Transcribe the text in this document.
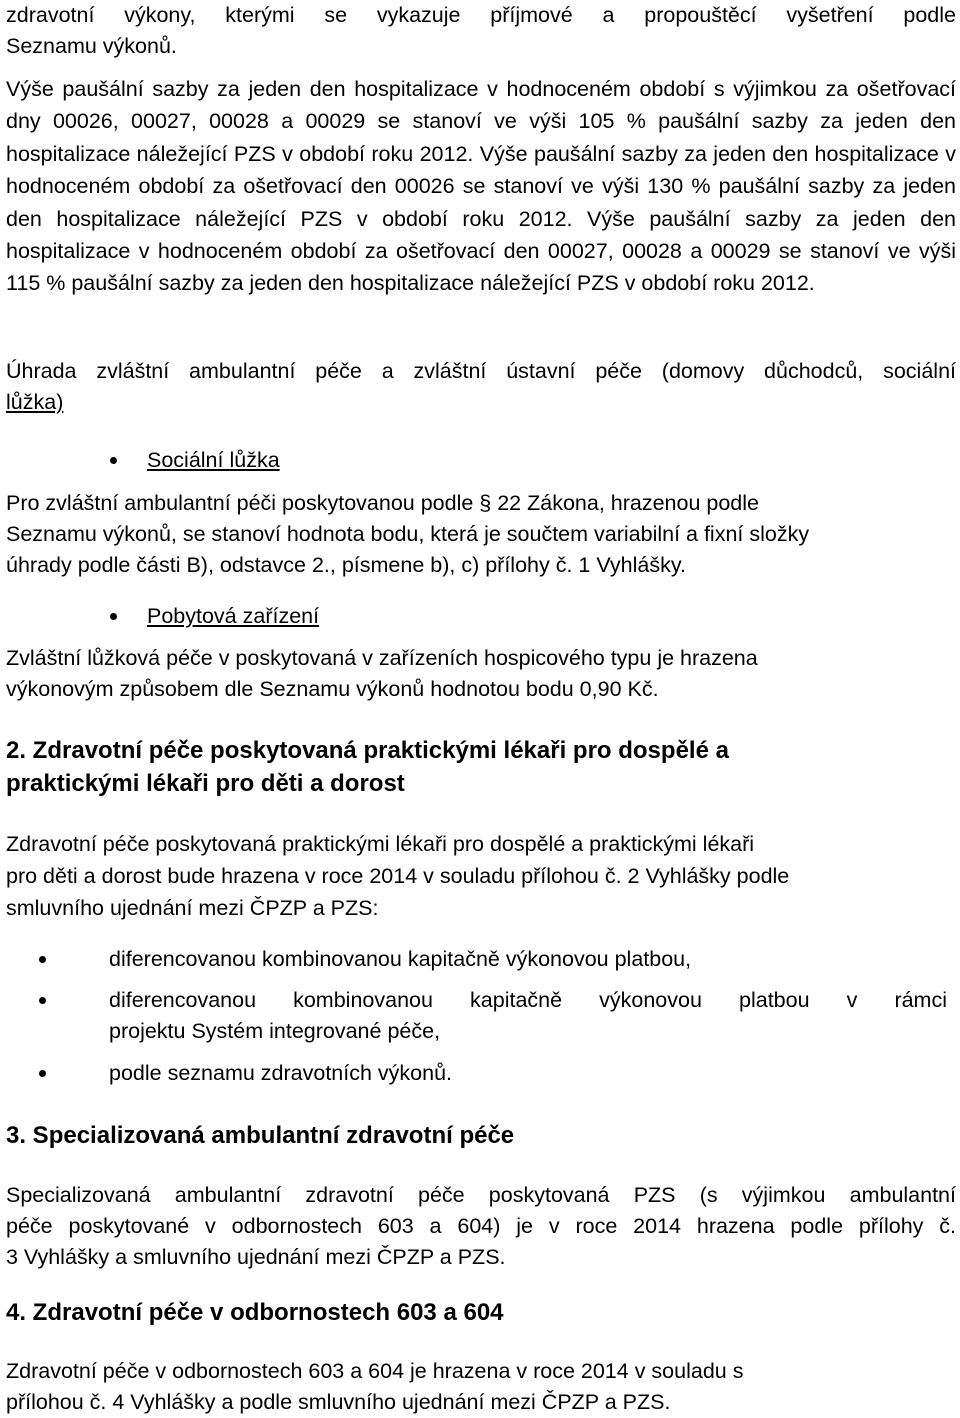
zdravotní výkony, kterými se vykazuje příjmové a propouštěcí vyšetření podle
Seznamu výkonů.
Výše paušální sazby za jeden den hospitalizace v hodnoceném období s výjimkou za ošetřovací dny 00026, 00027, 00028 a 00029 se stanoví ve výši 105 % paušální sazby za jeden den hospitalizace náležející PZS v období roku 2012. Výše paušální sazby za jeden den hospitalizace v hodnoceném období za ošetřovací den 00026 se stanoví ve výši 130 % paušální sazby za jeden den hospitalizace náležející PZS v období roku 2012. Výše paušální sazby za jeden den hospitalizace v hodnoceném období za ošetřovací den 00027, 00028 a 00029 se stanoví ve výši 115 % paušální sazby za jeden den hospitalizace náležející PZS v období roku 2012.
Úhrada zvláštní ambulantní péče a zvláštní ústavní péče (domovy důchodců, sociální
lůžka)
Sociální lůžka
Pro zvláštní ambulantní péči poskytovanou podle § 22 Zákona, hrazenou podle
Seznamu výkonů, se stanoví hodnota bodu, která je součtem variabilní a fixní složky
úhrady podle části B), odstavce 2., písmene b), c) přílohy č. 1 Vyhlášky.
Pobytová zařízení
Zvláštní lůžková péče v poskytovaná v zařízeních hospicového typu je hrazena
výkonovým způsobem dle Seznamu výkonů hodnotou bodu 0,90 Kč.
2. Zdravotní péče poskytovaná praktickými lékaři pro dospělé a
praktickými lékaři pro děti a dorost
Zdravotní péče poskytovaná praktickými lékaři pro dospělé a praktickými lékaři
pro děti a dorost bude hrazena v roce 2014 v souladu přílohou č. 2 Vyhlášky podle
smluvního ujednání mezi ČPZP a PZS:
diferencovanou kombinovanou kapitačně výkonovou platbou,
diferencovanou kombinovanou kapitačně výkonovou platbou v rámci
projektu Systém integrované péče,
podle seznamu zdravotních výkonů.
3. Specializovaná ambulantní zdravotní péče
Specializovaná ambulantní zdravotní péče poskytovaná PZS (s výjimkou ambulantní
péče poskytované v odbornostech 603 a 604) je v roce 2014 hrazena podle přílohy č.
3 Vyhlášky a smluvního ujednání mezi ČPZP a PZS.
4. Zdravotní péče v odbornostech 603 a 604
Zdravotní péče v odbornostech 603 a 604 je hrazena v roce 2014 v souladu s
přílohou č. 4 Vyhlášky a podle smluvního ujednání mezi ČPZP a PZS.
